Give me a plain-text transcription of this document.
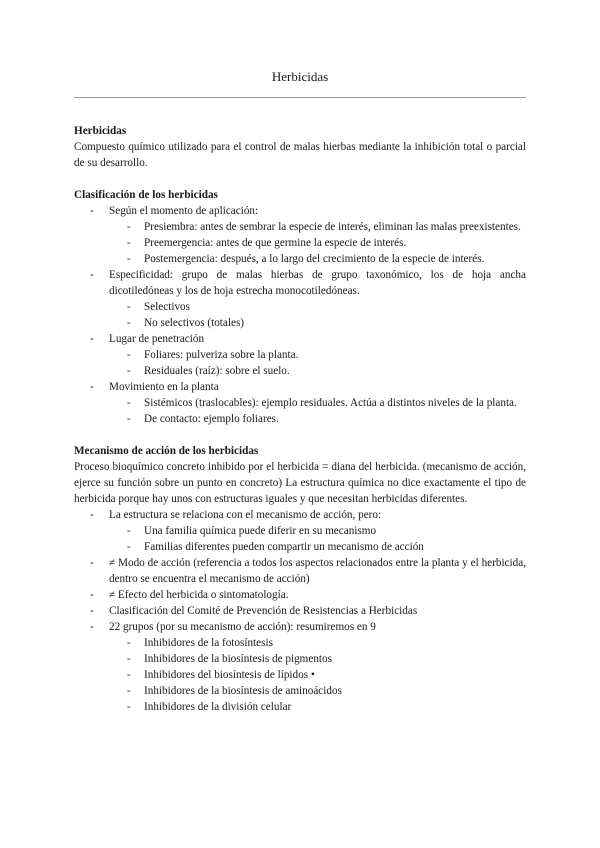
Herbicidas

Herbicidas

Compuesto químico utilizado para el control de malas hierbas mediante la inhibición total o parcial de su desarrollo.

Clasificación de los herbicidas

- Según el momento de aplicación:
- Presiembra: antes de sembrar la especie de interés, eliminan las malas preexistentes.
- Preemergencia: antes de que germine la especie de interés.
- Postemergencia: después, a lo largo del crecimiento de la especie de interés.
- Especificidad: grupo de malas hierbas de grupo taxonómico, los de hoja ancha dicotiledóneas y los de hoja estrecha monocotiledóneas.
- Selectivos
- No selectivos (totales)
- Lugar de penetración
- Foliares: pulveriza sobre la planta.
- Residuales (raíz): sobre el suelo.
- Movimiento en la planta
- Sistémicos (traslocables): ejemplo residuales. Actúa a distintos niveles de la planta.
- De contacto: ejemplo foliares.

Mecanismo de acción de los herbicidas

Proceso bioquímico concreto inhibido por el herbicida = diana del herbicida. (mecanismo de acción, ejerce su función sobre un punto en concreto) La estructura química no dice exactamente el tipo de herbicida porque hay unos con estructuras iguales y que necesitan herbicidas diferentes.

- La estructura se relaciona con el mecanismo de acción, pero:
- Una familia química puede diferir en su mecanismo
- Familias diferentes pueden compartir un mecanismo de acción
- ≠ Modo de acción (referencia a todos los aspectos relacionados entre la planta y el herbicida, dentro se encuentra el mecanismo de acción)
- ≠ Efecto del herbicida o sintomatología.
- Clasificación del Comité de Prevención de Resistencias a Herbicidas
- 22 grupos (por su mecanismo de acción): resumiremos en 9
- Inhibidores de la fotosíntesis
- Inhibidores de la biosíntesis de pigmentos
- Inhibidores del biosíntesis de lípidos •
- Inhibidores de la biosíntesis de aminoácidos
- Inhibidores de la división celular
